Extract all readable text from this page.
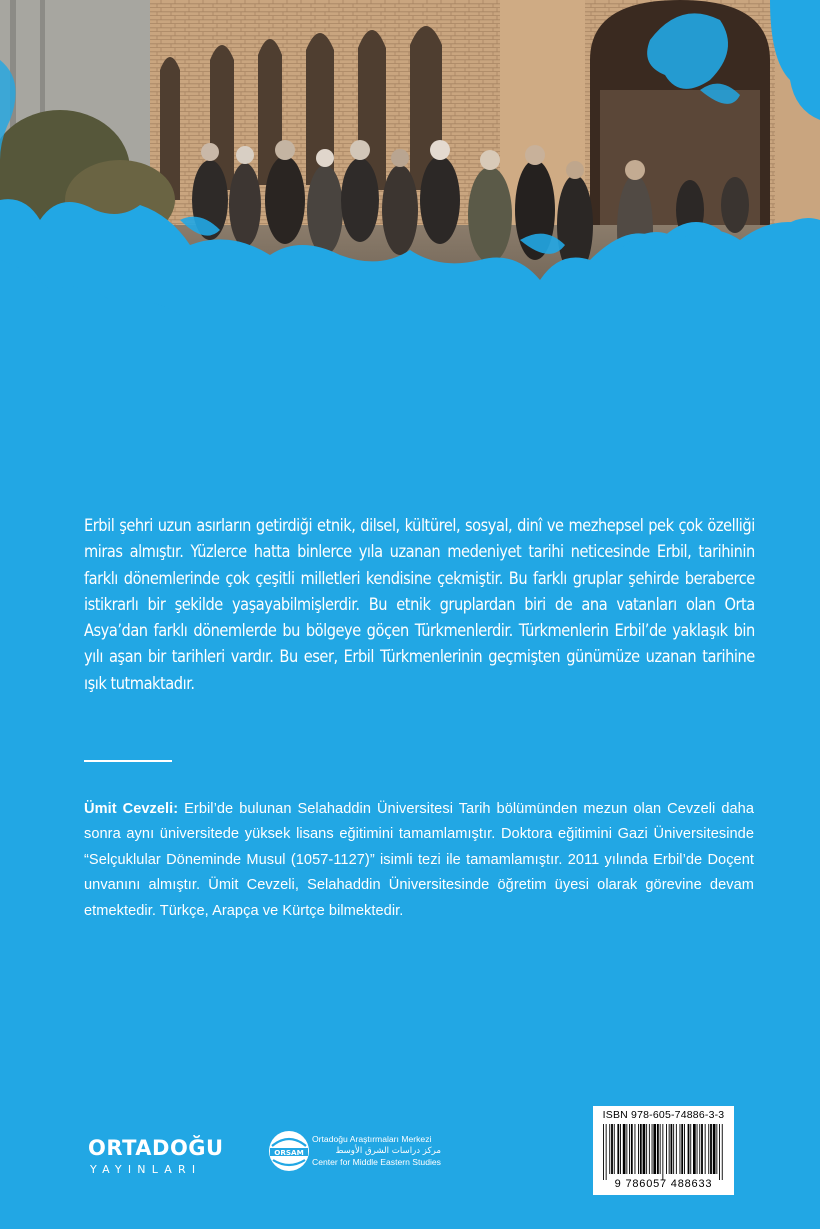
Erbil şehri uzun asırların getirdiği etnik, dilsel, kültürel, sosyal, dinî ve mezhepsel pek çok özelliği miras almıştır. Yüzlerce hatta binlerce yıla uzanan medeniyet tarihi neticesinde Erbil, tarihinin farklı dönemlerinde çok çeşitli milletleri kendisine çekmiştir. Bu farklı gruplar şehirde beraberce istikrarlı bir şekilde yaşayabilmişlerdir. Bu etnik gruplardan biri de ana vatanları olan Orta Asya’dan farklı dönemlerde bu bölgeye göçen Türkmenlerdir. Türkmenlerin Erbil’de yaklaşık bin yılı aşan bir tarihleri vardır. Bu eser, Erbil Türkmenlerinin geçmişten günümüze uzanan tarihine ışık tutmaktadır.
Ümit Cevzeli: Erbil’de bulunan Selahaddin Üniversitesi Tarih bölümünden mezun olan Cevzeli daha sonra aynı üniversitede yüksek lisans eğitimini tamamlamıştır. Doktora eğitimini Gazi Üniversitesinde “Selçuklular Döneminde Musul (1057-1127)” isimli tezi ile tamamlamıştır. 2011 yılında Erbil’de Doçent unvanını almıştır. Ümit Cevzeli, Selahaddin Üniversitesinde öğretim üyesi olarak görevine devam etmektedir. Türkçe, Arapça ve Kürtçe bilmektedir.
ORTADOĞU
YAYINLARI
ORSAM
Ortadoğu Araştırmaları Merkezi
مركز دراسات الشرق الأوسط
Center for Middle Eastern Studies
ISBN 978-605-74886-3-3
9 786057 488633
